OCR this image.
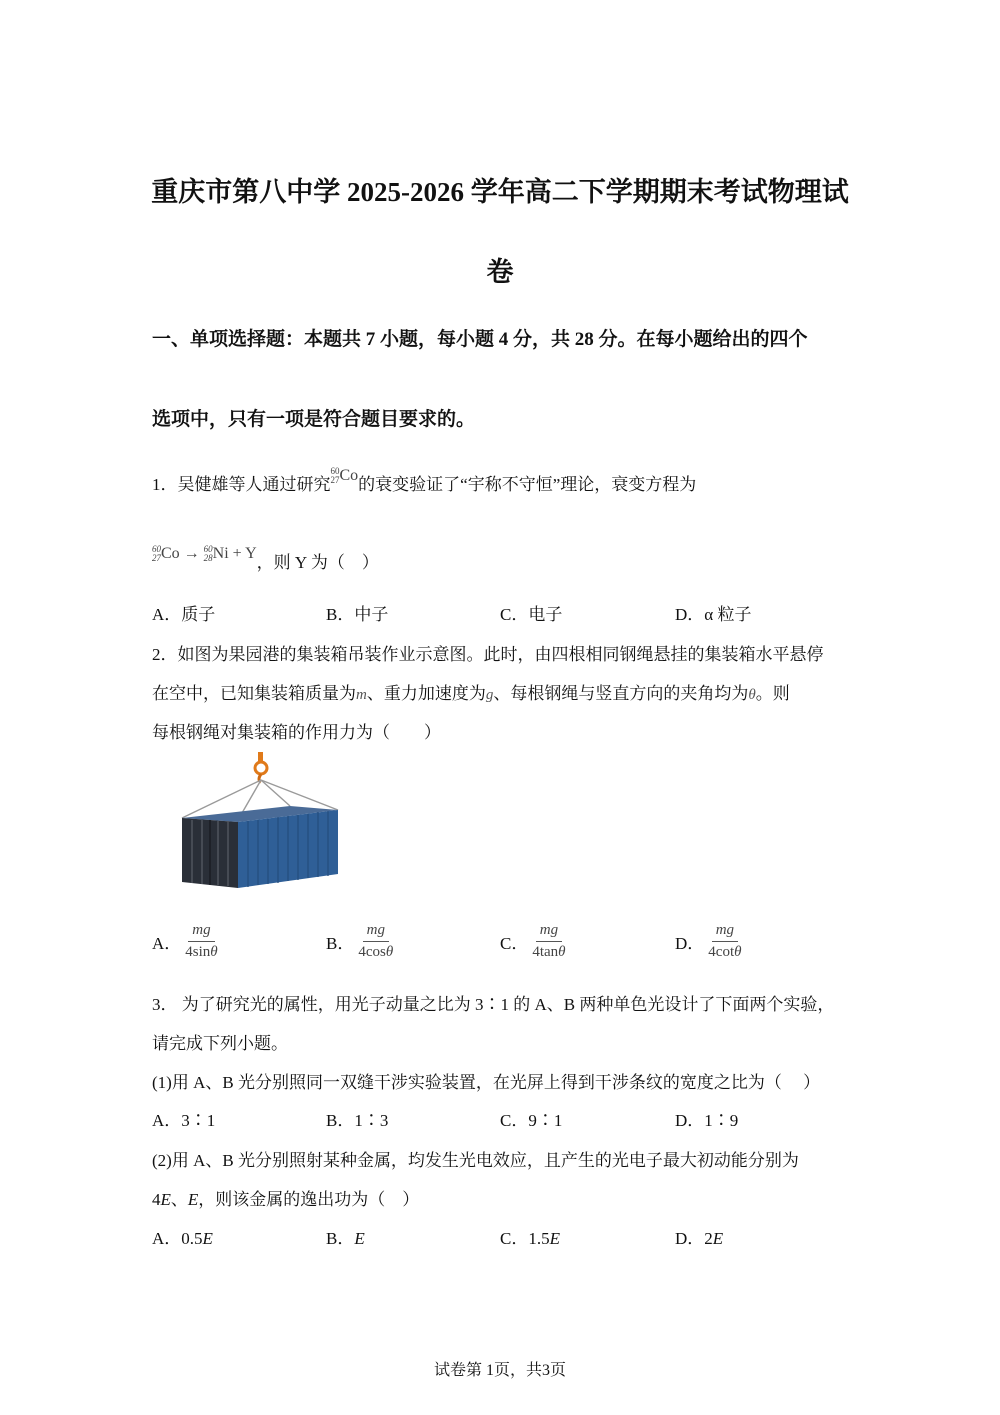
重庆市第八中学 2025-2026 学年高二下学期期末考试物理试
卷
一、单项选择题：本题共 7 小题，每小题 4 分，共 28 分。在每小题给出的四个
选项中，只有一项是符合题目要求的。
1．吴健雄等人通过研究
60
27 Co的衰变验证了“宇称不守恒”理论，衰变方程为
60
27 Co → 60
28 Ni + Y，则 Y 为（　）
A．质子	B．中子	C．电子	D．α 粒子
2．如图为果园港的集装箱吊装作业示意图。此时，由四根相同钢绳悬挂的集装箱水平悬停
在空中，已知集装箱质量为m、重力加速度为g、每根钢绳与竖直方向的夹角均为θ。则
每根钢绳对集装箱的作用力为（　　）
A． $\frac{mg}{4\sin\theta}$	B． $\frac{mg}{4\cos\theta}$	C． $\frac{mg}{4\tan\theta}$	D． $\frac{mg}{4\cot\theta}$
3． 为了研究光的属性，用光子动量之比为 3∶1 的 A、B 两种单色光设计了下面两个实验，
请完成下列小题。
(1)用 A、B 光分别照同一双缝干涉实验装置，在光屏上得到干涉条纹的宽度之比为（　 ）
A．3∶1	B．1∶3	C．9∶1	D．1∶9
(2)用 A、B 光分别照射某种金属，均发生光电效应，且产生的光电子最大初动能分别为
4E、E，则该金属的逸出功为（　）
A．0.5E	B．E	C．1.5E	D．2E
试卷第 1页，共3页
